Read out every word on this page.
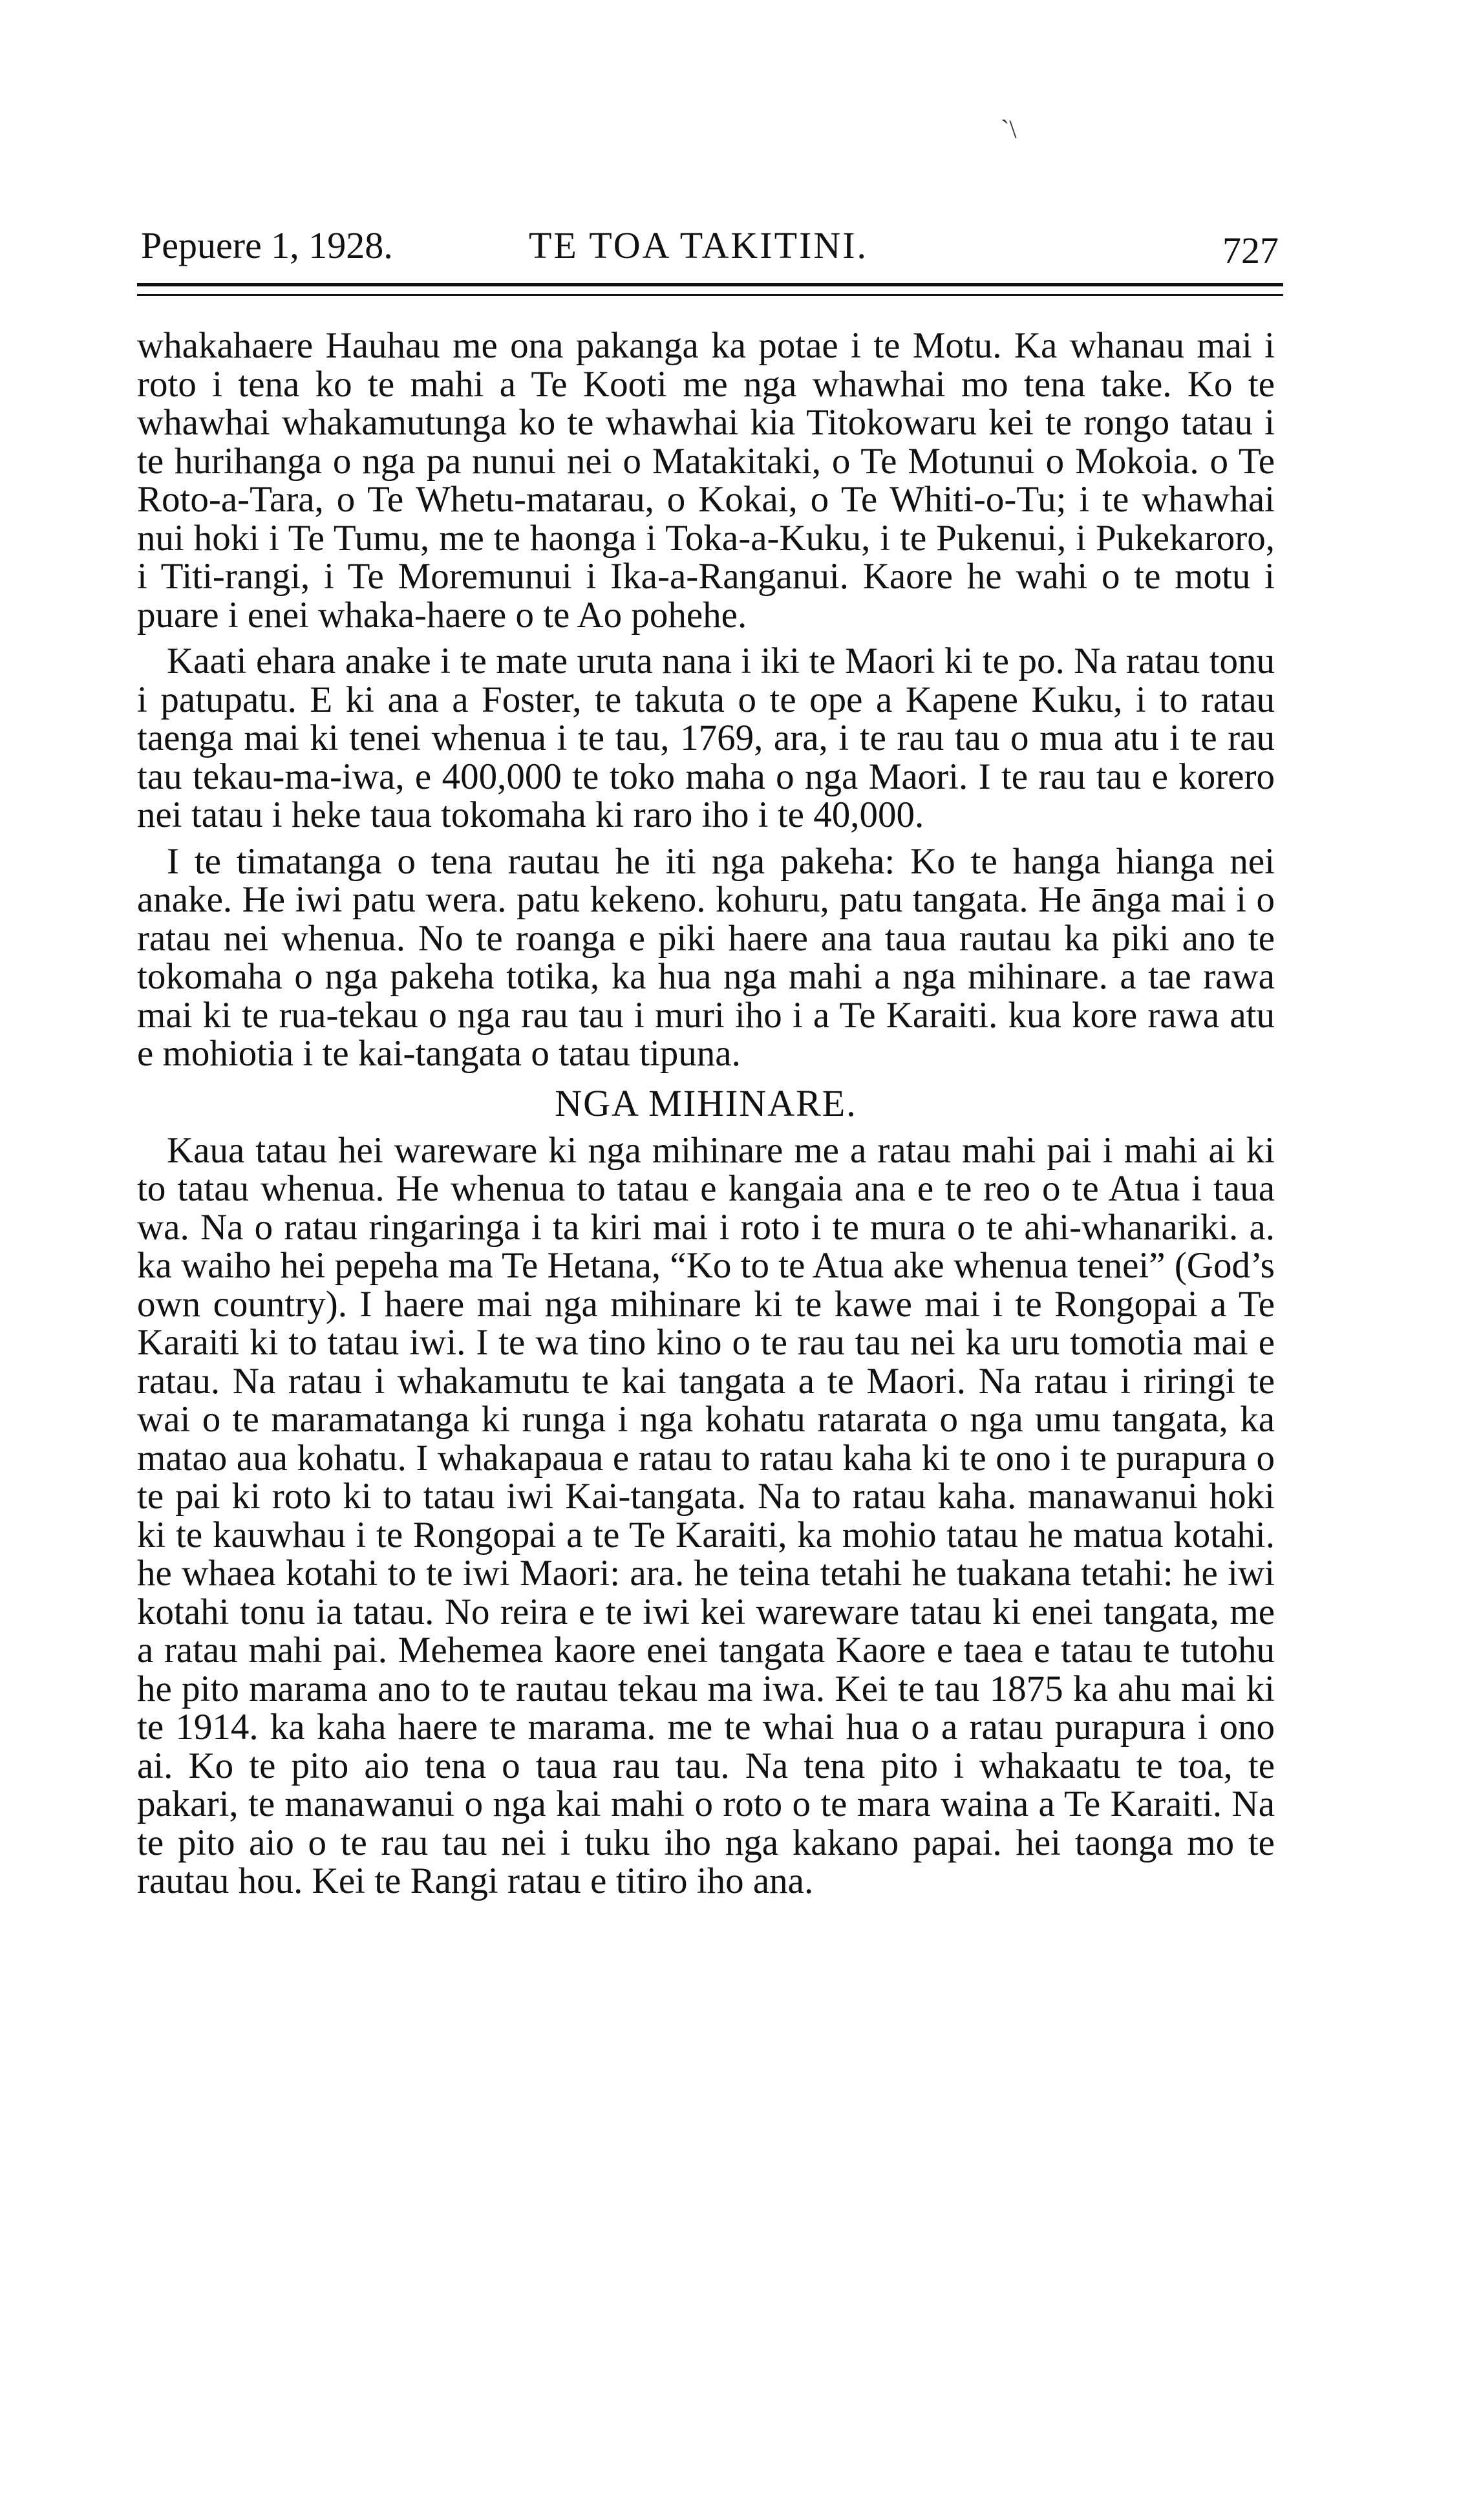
`\
Pepuere 1, 1928.	TE TOA TAKITINI.	727

whakahaere Hauhau me ona pakanga ka potae i te Motu. Ka whanau mai i roto i tena ko te mahi a Te Kooti me nga whawhai mo tena take. Ko te whawhai whakamutunga ko te whawhai kia Titokowaru kei te rongo tatau i te hurihanga o nga pa nunui nei o Matakitaki, o Te Motunui o Mokoia. o Te Roto-a-Tara, o Te Whetu-matarau, o Kokai, o Te Whiti-o-Tu; i te whawhai nui hoki i Te Tumu, me te haonga i Toka-a-Kuku, i te Pukenui, i Pukekaroro, i Titi-rangi, i Te Moremunui i Ika-a-Ranganui. Kaore he wahi o te motu i puare i enei whaka-haere o te Ao pohehe.

Kaati ehara anake i te mate uruta nana i iki te Maori ki te po. Na ratau tonu i patupatu. E ki ana a Foster, te takuta o te ope a Kapene Kuku, i to ratau taenga mai ki tenei whenua i te tau, 1769, ara, i te rau tau o mua atu i te rau tau tekau-ma-iwa, e 400,000 te toko maha o nga Maori. I te rau tau e korero nei tatau i heke taua tokomaha ki raro iho i te 40,000.

I te timatanga o tena rautau he iti nga pakeha: Ko te hanga hianga nei anake. He iwi patu wera. patu kekeno. kohuru, patu tangata. He ānga mai i o ratau nei whenua. No te roanga e piki haere ana taua rautau ka piki ano te tokomaha o nga pakeha totika, ka hua nga mahi a nga mihinare. a tae rawa mai ki te rua-tekau o nga rau tau i muri iho i a Te Karaiti. kua kore rawa atu e mohiotia i te kai-tangata o tatau tipuna.

NGA MIHINARE.

Kaua tatau hei wareware ki nga mihinare me a ratau mahi pai i mahi ai ki to tatau whenua. He whenua to tatau e kangaia ana e te reo o te Atua i taua wa. Na o ratau ringaringa i ta kiri mai i roto i te mura o te ahi-whanariki. a. ka waiho hei pepeha ma Te Hetana, “Ko to te Atua ake whenua tenei” (God’s own country). I haere mai nga mihinare ki te kawe mai i te Rongopai a Te Karaiti ki to tatau iwi. I te wa tino kino o te rau tau nei ka uru tomotia mai e ratau. Na ratau i whakamutu te kai tangata a te Maori. Na ratau i riringi te wai o te maramatanga ki runga i nga kohatu ratarata o nga umu tangata, ka matao aua kohatu. I whakapaua e ratau to ratau kaha ki te ono i te purapura o te pai ki roto ki to tatau iwi Kai-tangata. Na to ratau kaha. manawanui hoki ki te kauwhau i te Rongopai a te Te Karaiti, ka mohio tatau he matua kotahi. he whaea kotahi to te iwi Maori: ara. he teina tetahi he tuakana tetahi: he iwi kotahi tonu ia tatau. No reira e te iwi kei wareware tatau ki enei tangata, me a ratau mahi pai. Mehemea kaore enei tangata Kaore e taea e tatau te tutohu he pito marama ano to te rautau tekau ma iwa. Kei te tau 1875 ka ahu mai ki te 1914. ka kaha haere te marama. me te whai hua o a ratau purapura i ono ai. Ko te pito aio tena o taua rau tau. Na tena pito i whakaatu te toa, te pakari, te manawanui o nga kai mahi o roto o te mara waina a Te Karaiti. Na te pito aio o te rau tau nei i tuku iho nga kakano papai. hei taonga mo te rautau hou. Kei te Rangi ratau e titiro iho ana.
